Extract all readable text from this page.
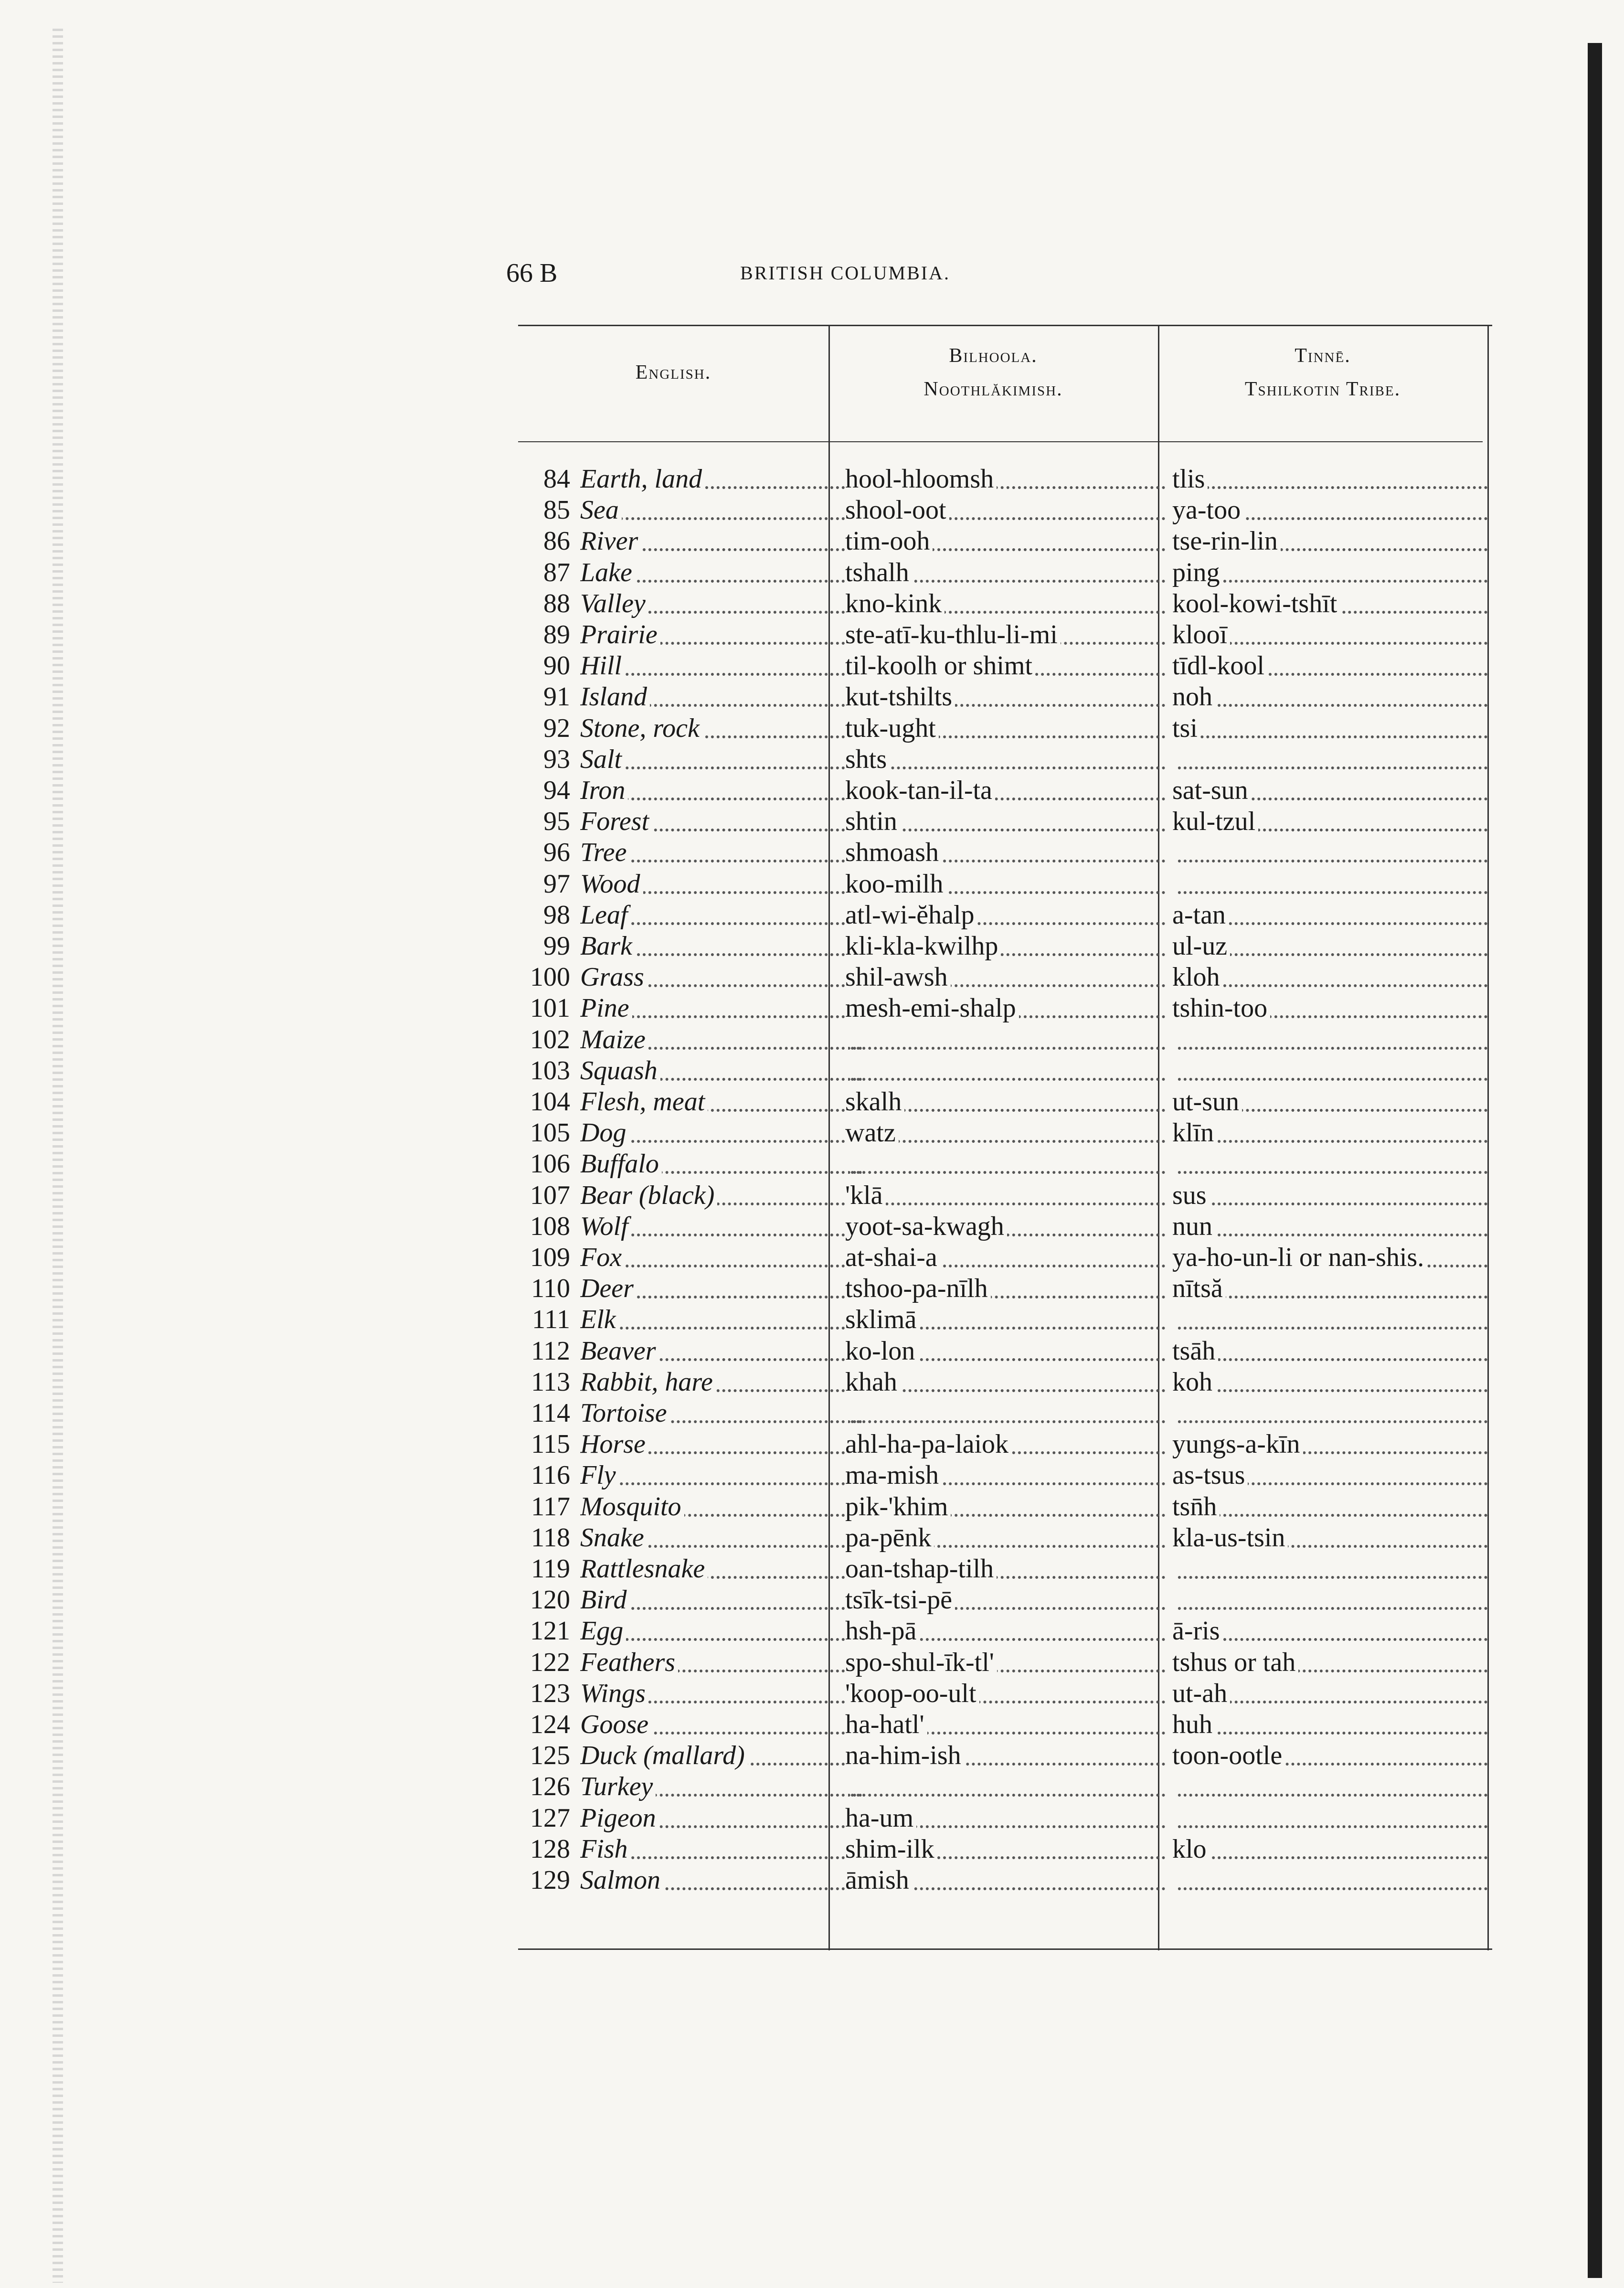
66 B	BRITISH COLUMBIA.
English.
Bilhoola.
Noothlăkimish.
Tinnē.
Tshilkotin Tribe.
84 Earth, land	hool-hloomsh	tlis
85 Sea	shool-oot	ya-too
86 River	tim-ooh	tse-rin-lin
87 Lake	tshalh	ping
88 Valley	kno-kink	kool-kowi-tshīt
89 Prairie	ste-atī-ku-thlu-li-mi	klooī
90 Hill	til-koolh or shimt	tīdl-kool
91 Island	kut-tshilts	noh
92 Stone, rock	tuk-ught	tsi
93 Salt	shts
94 Iron	kook-tan-il-ta	sat-sun
95 Forest	shtin	kul-tzul
96 Tree	shmoash
97 Wood	koo-milh
98 Leaf	atl-wi-ĕhalp	a-tan
99 Bark	kli-kla-kwilhp	ul-uz
100 Grass	shil-awsh	kloh
101 Pine	mesh-emi-shalp	tshin-too
102 Maize
103 Squash
104 Flesh, meat	skalh	ut-sun
105 Dog	watz	klīn
106 Buffalo
107 Bear (black)	'klā	sus
108 Wolf	yoot-sa-kwagh	nun
109 Fox	at-shai-a	ya-ho-un-li or nan-shis.
110 Deer	tshoo-pa-nīlh	nītsă
111 Elk	sklimā
112 Beaver	ko-lon	tsāh
113 Rabbit, hare	khah	koh
114 Tortoise
115 Horse	ahl-ha-pa-laiok	yungs-a-kīn
116 Fly	ma-mish	as-tsus
117 Mosquito	pik-'khim	tsn̄h
118 Snake	pa-pēnk	kla-us-tsin
119 Rattlesnake	oan-tshap-tilh
120 Bird	tsīk-tsi-pē
121 Egg	hsh-pā	ā-ris
122 Feathers	spo-shul-īk-tl'	tshus or tah
123 Wings	'koop-oo-ult	ut-ah
124 Goose	ha-hatl'	huh
125 Duck (mallard)	na-him-ish	toon-ootle
126 Turkey
127 Pigeon	ha-um
128 Fish	shim-ilk	klo
129 Salmon	āmish
